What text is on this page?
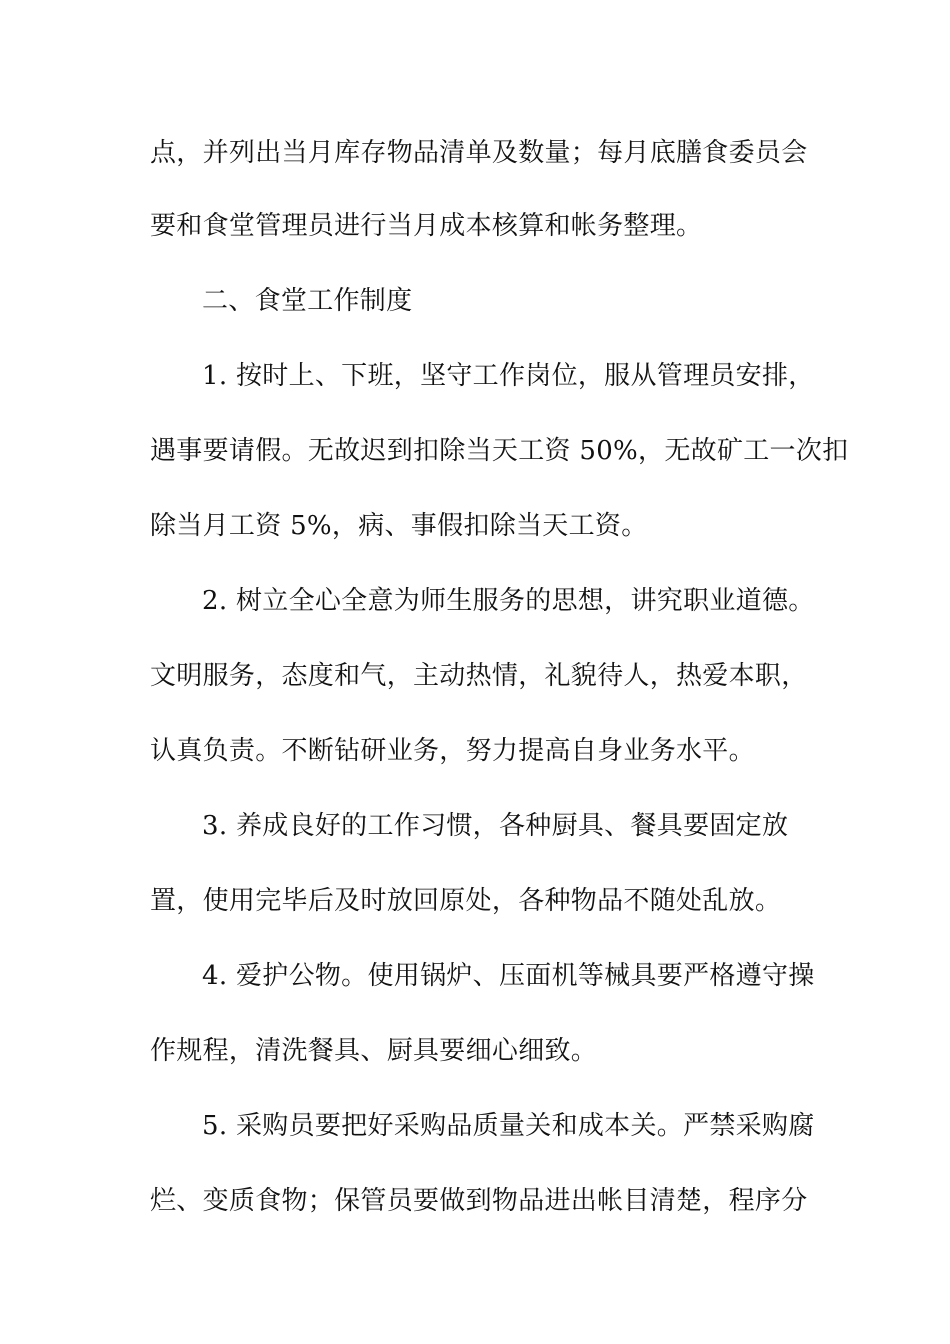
点，并列出当月库存物品清单及数量；每月底膳食委员会
要和食堂管理员进行当月成本核算和帐务整理。
二、食堂工作制度
1. 按时上、下班，坚守工作岗位，服从管理员安排，
遇事要请假。无故迟到扣除当天工资 50%，无故矿工一次扣
除当月工资 5%，病、事假扣除当天工资。
2. 树立全心全意为师生服务的思想，讲究职业道德。
文明服务，态度和气，主动热情，礼貌待人，热爱本职，
认真负责。不断钻研业务，努力提高自身业务水平。
3. 养成良好的工作习惯，各种厨具、餐具要固定放
置，使用完毕后及时放回原处，各种物品不随处乱放。
4. 爱护公物。使用锅炉、压面机等械具要严格遵守操
作规程，清洗餐具、厨具要细心细致。
5. 采购员要把好采购品质量关和成本关。严禁采购腐
烂、变质食物；保管员要做到物品进出帐目清楚，程序分
